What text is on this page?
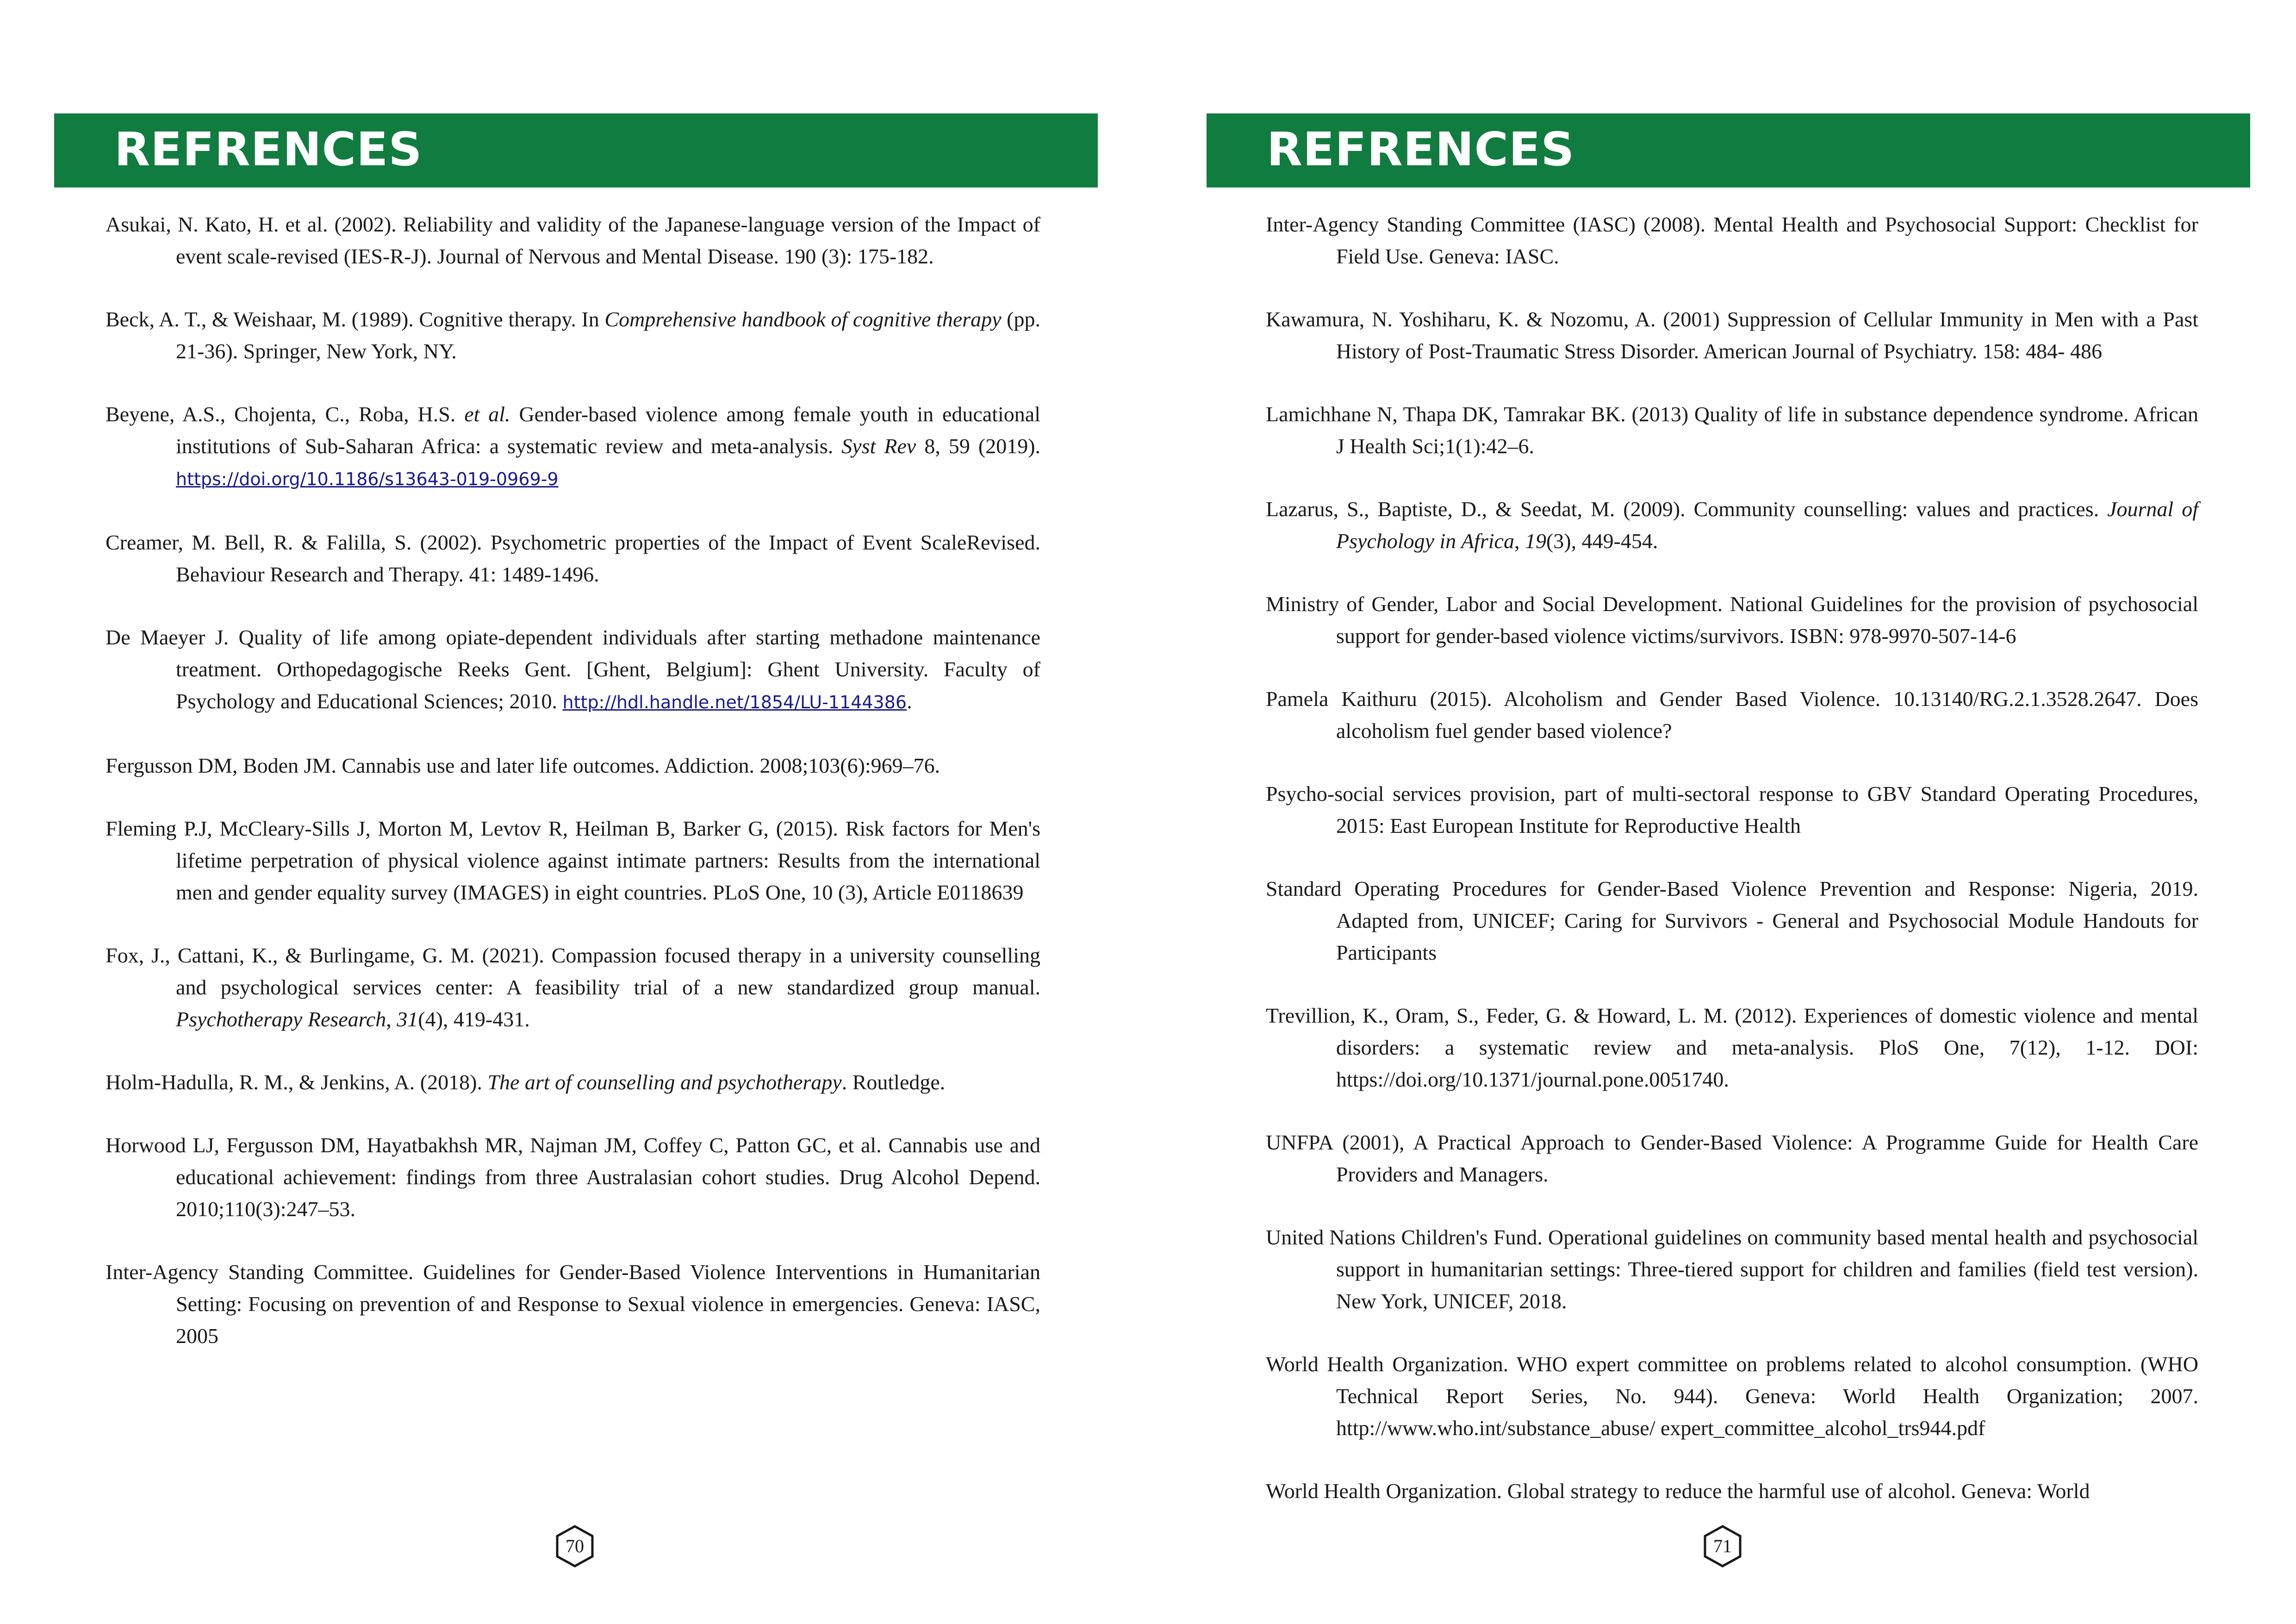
REFRENCES

Asukai, N. Kato, H. et al. (2002). Reliability and validity of the Japanese-language version of the Impact of event scale-revised (IES-R-J). Journal of Nervous and Mental Disease. 190 (3): 175-182.

Beck, A. T., & Weishaar, M. (1989). Cognitive therapy. In Comprehensive handbook of cognitive therapy (pp. 21-36). Springer, New York, NY.

Beyene, A.S., Chojenta, C., Roba, H.S. et al. Gender-based violence among female youth in educational institutions of Sub-Saharan Africa: a systematic review and meta-analysis. Syst Rev 8, 59 (2019). https://doi.org/10.1186/s13643-019-0969-9

Creamer, M. Bell, R. & Falilla, S. (2002). Psychometric properties of the Impact of Event ScaleRevised. Behaviour Research and Therapy. 41: 1489-1496.

De Maeyer J. Quality of life among opiate-dependent individuals after starting methadone maintenance treatment. Orthopedagogische Reeks Gent. [Ghent, Belgium]: Ghent University. Faculty of Psychology and Educational Sciences; 2010. http://hdl.handle.net/1854/LU-1144386.

Fergusson DM, Boden JM. Cannabis use and later life outcomes. Addiction. 2008;103(6):969–76.

Fleming P.J, McCleary-Sills J, Morton M, Levtov R, Heilman B, Barker G, (2015). Risk factors for Men's lifetime perpetration of physical violence against intimate partners: Results from the international men and gender equality survey (IMAGES) in eight countries. PLoS One, 10 (3), Article E0118639

Fox, J., Cattani, K., & Burlingame, G. M. (2021). Compassion focused therapy in a university counselling and psychological services center: A feasibility trial of a new standardized group manual. Psychotherapy Research, 31(4), 419-431.

Holm-Hadulla, R. M., & Jenkins, A. (2018). The art of counselling and psychotherapy. Routledge.

Horwood LJ, Fergusson DM, Hayatbakhsh MR, Najman JM, Coffey C, Patton GC, et al. Cannabis use and educational achievement: findings from three Australasian cohort studies. Drug Alcohol Depend. 2010;110(3):247–53.

Inter-Agency Standing Committee. Guidelines for Gender-Based Violence Interventions in Humanitarian Setting: Focusing on prevention of and Response to Sexual violence in emergencies. Geneva: IASC, 2005

70
REFRENCES

Inter-Agency Standing Committee (IASC) (2008). Mental Health and Psychosocial Support: Checklist for Field Use. Geneva: IASC.

Kawamura, N. Yoshiharu, K. & Nozomu, A. (2001) Suppression of Cellular Immunity in Men with a Past History of Post-Traumatic Stress Disorder. American Journal of Psychiatry. 158: 484- 486

Lamichhane N, Thapa DK, Tamrakar BK. (2013) Quality of life in substance dependence syndrome. African J Health Sci;1(1):42–6.

Lazarus, S., Baptiste, D., & Seedat, M. (2009). Community counselling: values and practices. Journal of Psychology in Africa, 19(3), 449-454.

Ministry of Gender, Labor and Social Development. National Guidelines for the provision of psychosocial support for gender-based violence victims/survivors. ISBN: 978-9970-507-14-6

Pamela Kaithuru (2015). Alcoholism and Gender Based Violence. 10.13140/RG.2.1.3528.2647. Does alcoholism fuel gender based violence?

Psycho-social services provision, part of multi-sectoral response to GBV Standard Operating Procedures, 2015: East European Institute for Reproductive Health

Standard Operating Procedures for Gender-Based Violence Prevention and Response: Nigeria, 2019. Adapted from, UNICEF; Caring for Survivors - General and Psychosocial Module Handouts for Participants

Trevillion, K., Oram, S., Feder, G. & Howard, L. M. (2012). Experiences of domestic violence and mental disorders: a systematic review and meta-analysis. PloS One, 7(12), 1-12. DOI: https://doi.org/10.1371/journal.pone.0051740.

UNFPA (2001), A Practical Approach to Gender-Based Violence: A Programme Guide for Health Care Providers and Managers.

United Nations Children's Fund. Operational guidelines on community based mental health and psychosocial support in humanitarian settings: Three-tiered support for children and families (field test version). New York, UNICEF, 2018.

World Health Organization. WHO expert committee on problems related to alcohol consumption. (WHO Technical Report Series, No. 944). Geneva: World Health Organization; 2007. http://www.who.int/substance_abuse/ expert_committee_alcohol_trs944.pdf

World Health Organization. Global strategy to reduce the harmful use of alcohol. Geneva: World

71
